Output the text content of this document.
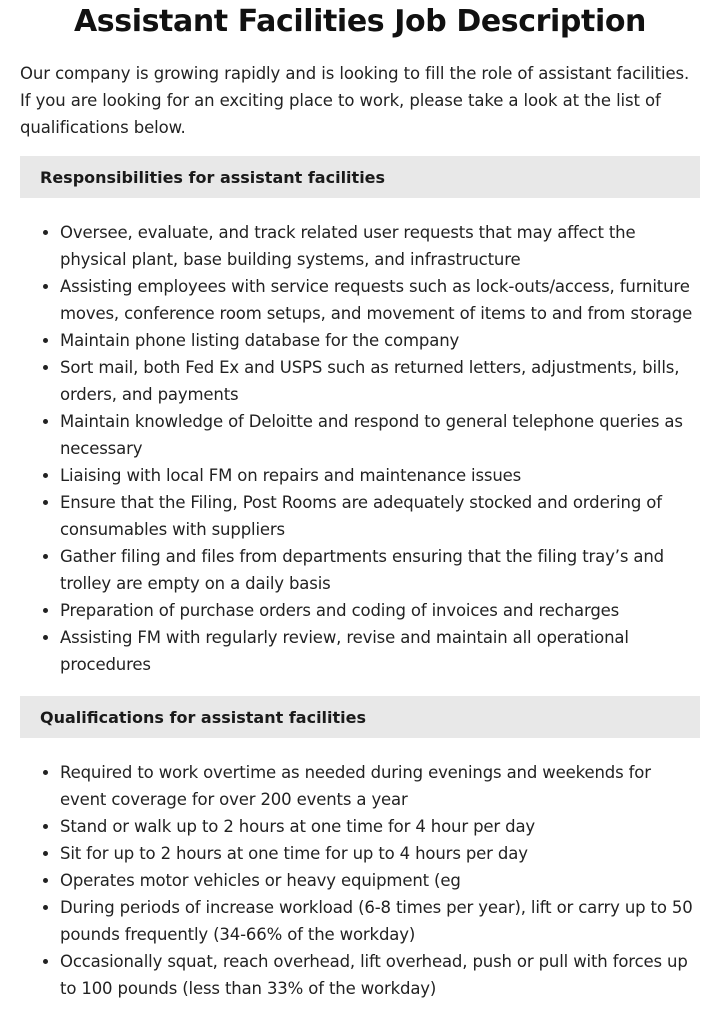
Assistant Facilities Job Description

Our company is growing rapidly and is looking to fill the role of assistant facilities. If you are looking for an exciting place to work, please take a look at the list of qualifications below.

Responsibilities for assistant facilities
Oversee, evaluate, and track related user requests that may affect the physical plant, base building systems, and infrastructure
Assisting employees with service requests such as lock-outs/access, furniture moves, conference room setups, and movement of items to and from storage
Maintain phone listing database for the company
Sort mail, both Fed Ex and USPS such as returned letters, adjustments, bills, orders, and payments
Maintain knowledge of Deloitte and respond to general telephone queries as necessary
Liaising with local FM on repairs and maintenance issues
Ensure that the Filing, Post Rooms are adequately stocked and ordering of consumables with suppliers
Gather filing and files from departments ensuring that the filing tray’s and trolley are empty on a daily basis
Preparation of purchase orders and coding of invoices and recharges
Assisting FM with regularly review, revise and maintain all operational procedures
Qualifications for assistant facilities
Required to work overtime as needed during evenings and weekends for event coverage for over 200 events a year
Stand or walk up to 2 hours at one time for 4 hour per day
Sit for up to 2 hours at one time for up to 4 hours per day
Operates motor vehicles or heavy equipment (eg
During periods of increase workload (6-8 times per year), lift or carry up to 50 pounds frequently (34-66% of the workday)
Occasionally squat, reach overhead, lift overhead, push or pull with forces up to 100 pounds (less than 33% of the workday)
